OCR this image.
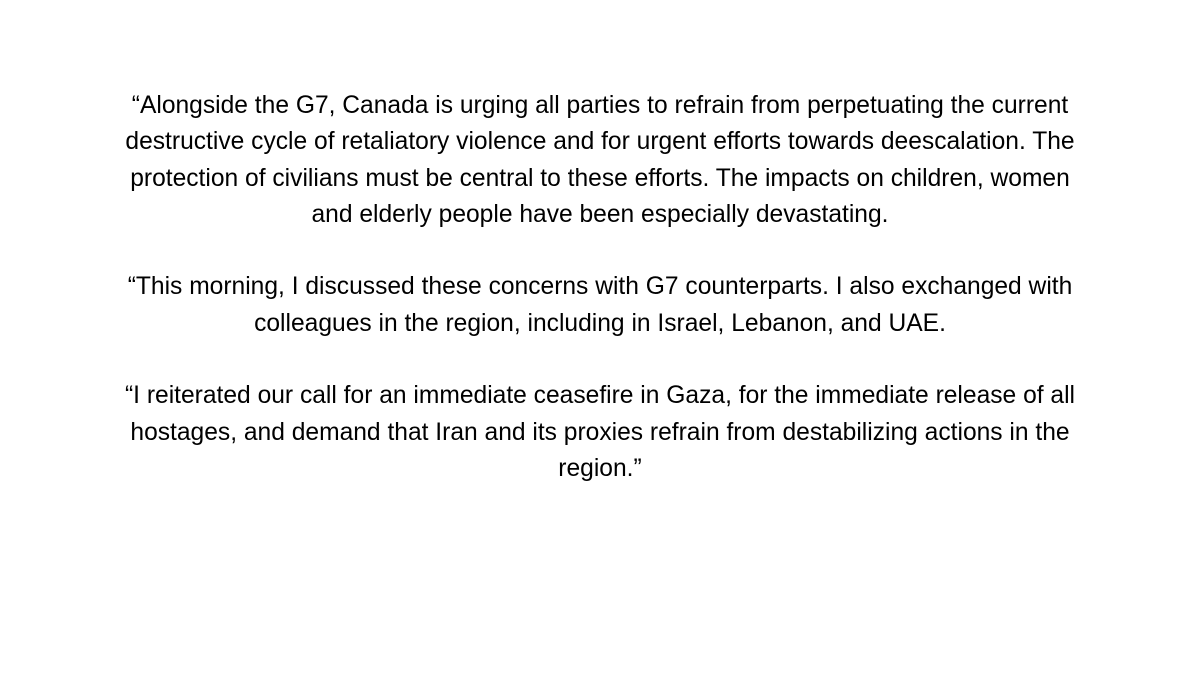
“Alongside the G7, Canada is urging all parties to refrain from perpetuating the current destructive cycle of retaliatory violence and for urgent efforts towards deescalation. The protection of civilians must be central to these efforts. The impacts on children, women and elderly people have been especially devastating.

“This morning, I discussed these concerns with G7 counterparts. I also exchanged with colleagues in the region, including in Israel, Lebanon, and UAE.

“I reiterated our call for an immediate ceasefire in Gaza, for the immediate release of all hostages, and demand that Iran and its proxies refrain from destabilizing actions in the region.”
